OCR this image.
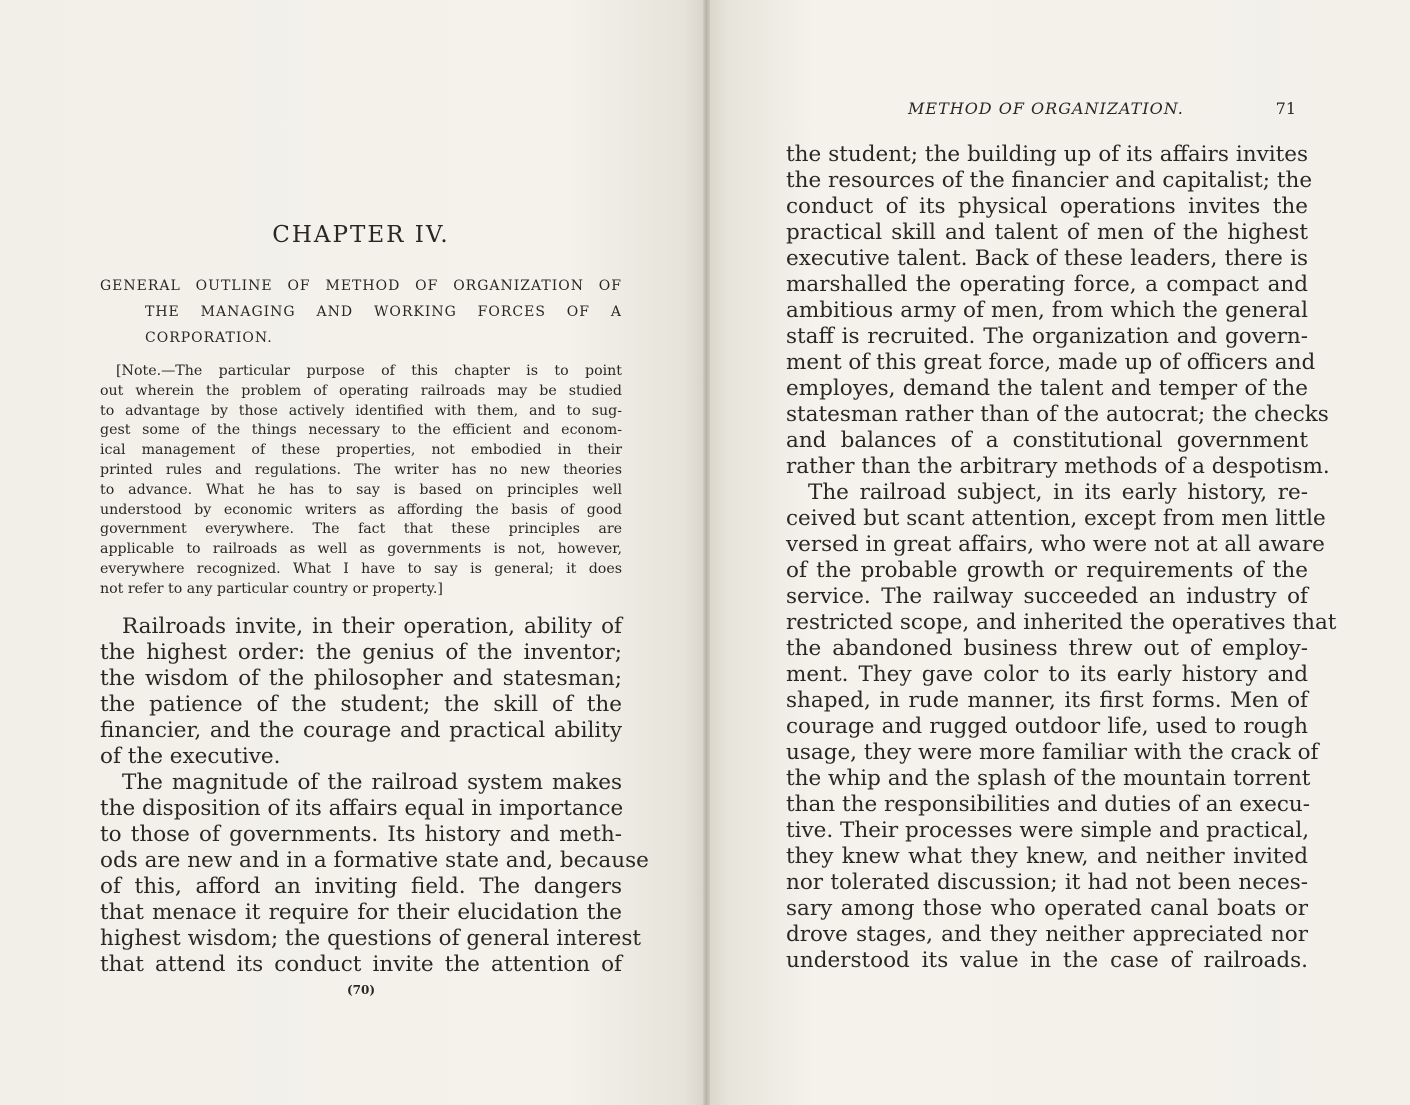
CHAPTER IV.
GENERAL OUTLINE OF METHOD OF ORGANIZATION OF
THE MANAGING AND WORKING FORCES OF A
CORPORATION.
[Note.—The particular purpose of this chapter is to point
out wherein the problem of operating railroads may be studied
to advantage by those actively identified with them, and to sug-
gest some of the things necessary to the efficient and econom-
ical management of these properties, not embodied in their
printed rules and regulations. The writer has no new theories
to advance. What he has to say is based on principles well
understood by economic writers as affording the basis of good
government everywhere. The fact that these principles are
applicable to railroads as well as governments is not, however,
everywhere recognized. What I have to say is general; it does
not refer to any particular country or property.]
Railroads invite, in their operation, ability of
the highest order: the genius of the inventor;
the wisdom of the philosopher and statesman;
the patience of the student; the skill of the
financier, and the courage and practical ability
of the executive.
The magnitude of the railroad system makes
the disposition of its affairs equal in importance
to those of governments. Its history and meth-
ods are new and in a formative state and, because
of this, afford an inviting field. The dangers
that menace it require for their elucidation the
highest wisdom; the questions of general interest
that attend its conduct invite the attention of
(70)
METHOD OF ORGANIZATION.	71
the student; the building up of its affairs invites
the resources of the financier and capitalist; the
conduct of its physical operations invites the
practical skill and talent of men of the highest
executive talent. Back of these leaders, there is
marshalled the operating force, a compact and
ambitious army of men, from which the general
staff is recruited. The organization and govern-
ment of this great force, made up of officers and
employes, demand the talent and temper of the
statesman rather than of the autocrat; the checks
and balances of a constitutional government
rather than the arbitrary methods of a despotism.
The railroad subject, in its early history, re-
ceived but scant attention, except from men little
versed in great affairs, who were not at all aware
of the probable growth or requirements of the
service. The railway succeeded an industry of
restricted scope, and inherited the operatives that
the abandoned business threw out of employ-
ment. They gave color to its early history and
shaped, in rude manner, its first forms. Men of
courage and rugged outdoor life, used to rough
usage, they were more familiar with the crack of
the whip and the splash of the mountain torrent
than the responsibilities and duties of an execu-
tive. Their processes were simple and practical,
they knew what they knew, and neither invited
nor tolerated discussion; it had not been neces-
sary among those who operated canal boats or
drove stages, and they neither appreciated nor
understood its value in the case of railroads.
